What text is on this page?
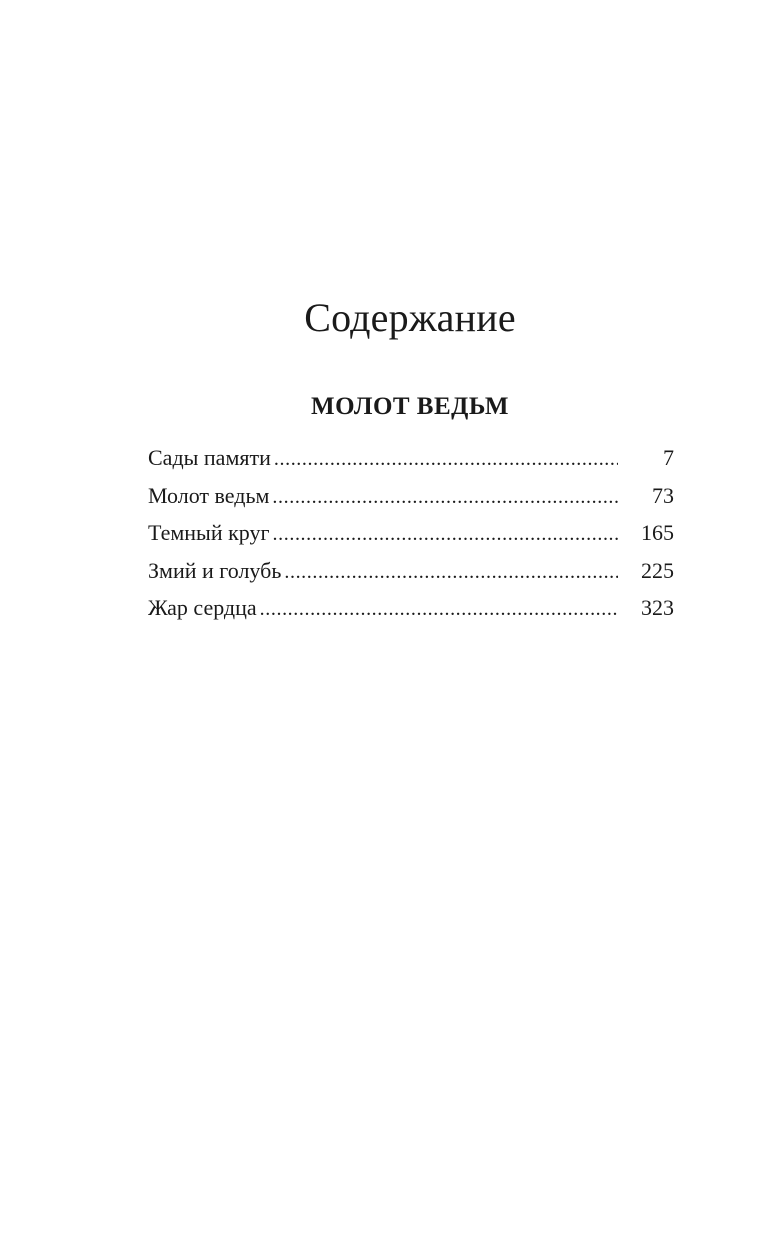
Содержание
МОЛОТ ВЕДЬМ
Сады памяти . . .	7
Молот ведьм . . .	73
Темный круг . . .	165
Змий и голубь . . .	225
Жар сердца . . .	323
